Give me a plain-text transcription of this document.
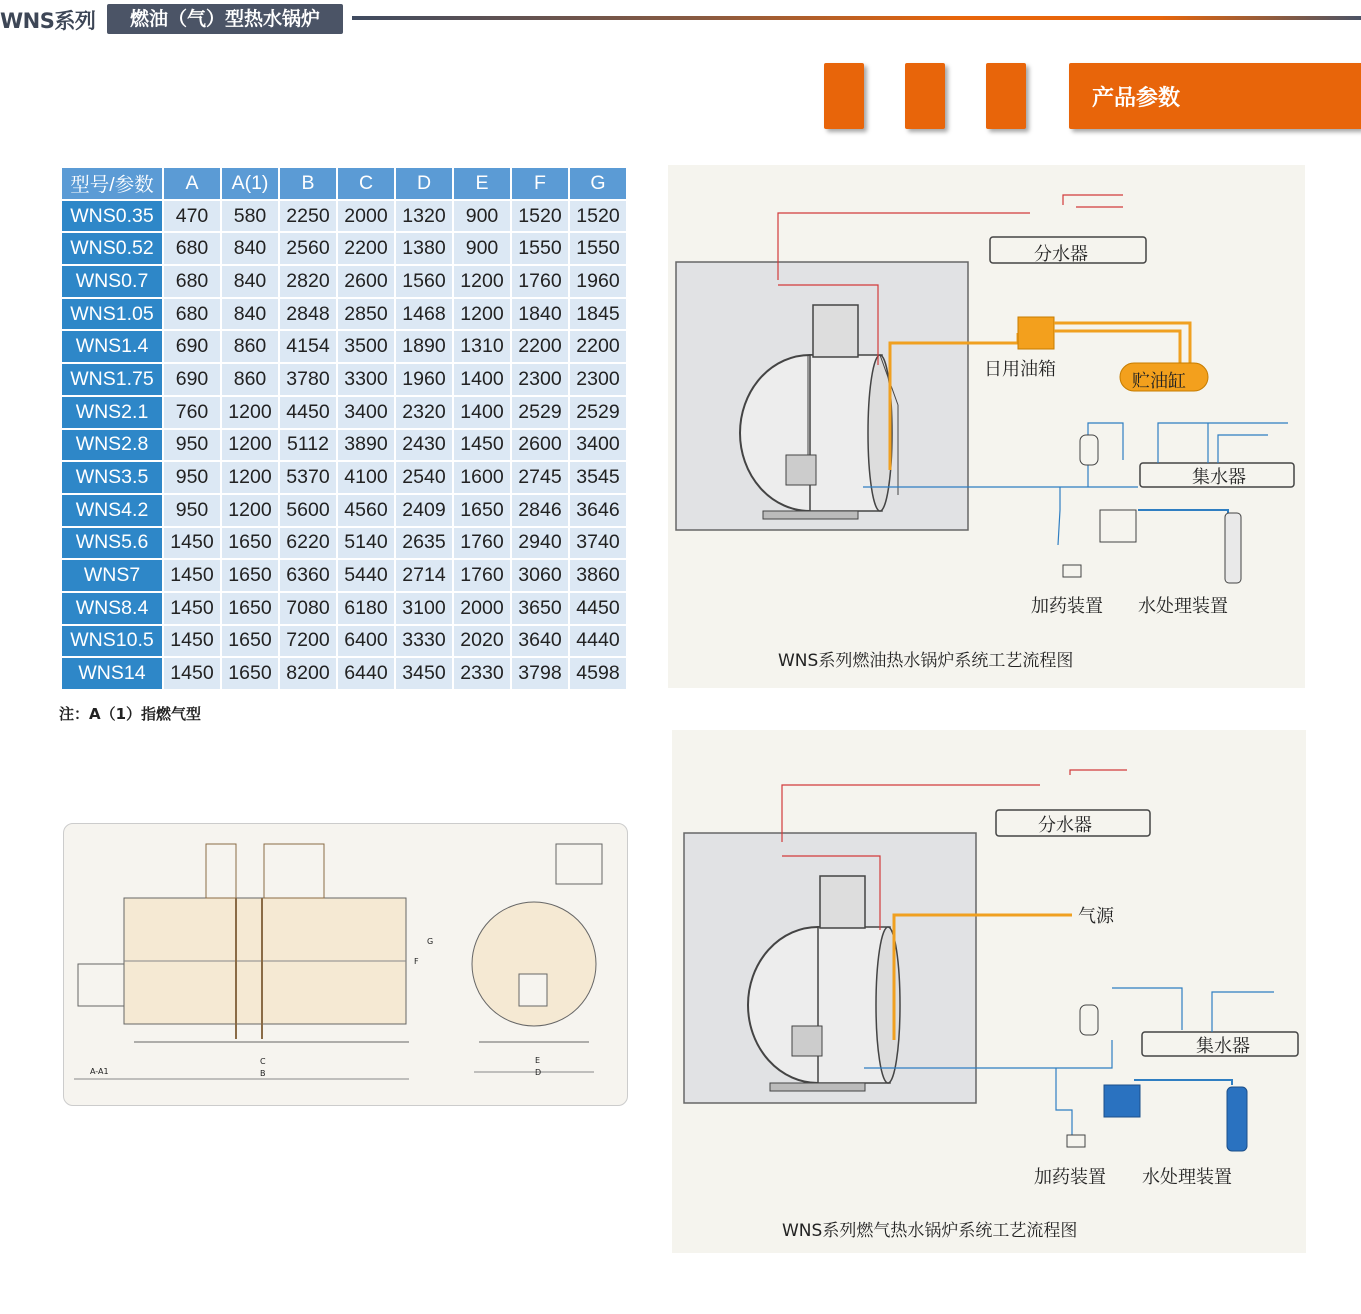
WNS系列	燃油（气）型热水锅炉
产品参数
型号/参数	A	A(1)	B	C	D	E	F	G
WNS0.35	470	580	2250	2000	1320	900	1520	1520
WNS0.52	680	840	2560	2200	1380	900	1550	1550
WNS0.7	680	840	2820	2600	1560	1200	1760	1960
WNS1.05	680	840	2848	2850	1468	1200	1840	1845
WNS1.4	690	860	4154	3500	1890	1310	2200	2200
WNS1.75	690	860	3780	3300	1960	1400	2300	2300
WNS2.1	760	1200	4450	3400	2320	1400	2529	2529
WNS2.8	950	1200	5112	3890	2430	1450	2600	3400
WNS3.5	950	1200	5370	4100	2540	1600	2745	3545
WNS4.2	950	1200	5600	4560	2409	1650	2846	3646
WNS5.6	1450	1650	6220	5140	2635	1760	2940	3740
WNS7	1450	1650	6360	5440	2714	1760	3060	3860
WNS8.4	1450	1650	7080	6180	3100	2000	3650	4450
WNS10.5	1450	1650	7200	6400	3330	2020	3640	4440
WNS14	1450	1650	8200	6440	3450	2330	3798	4598
注：A（1）指燃气型
分水器
日用油箱
贮油缸
集水器
加药装置 水处理装置
WNS系列燃油热水锅炉系统工艺流程图
A-A1
C
B
E
D
F
G
分水器
气源
集水器
加药装置 水处理装置
WNS系列燃气热水锅炉系统工艺流程图
